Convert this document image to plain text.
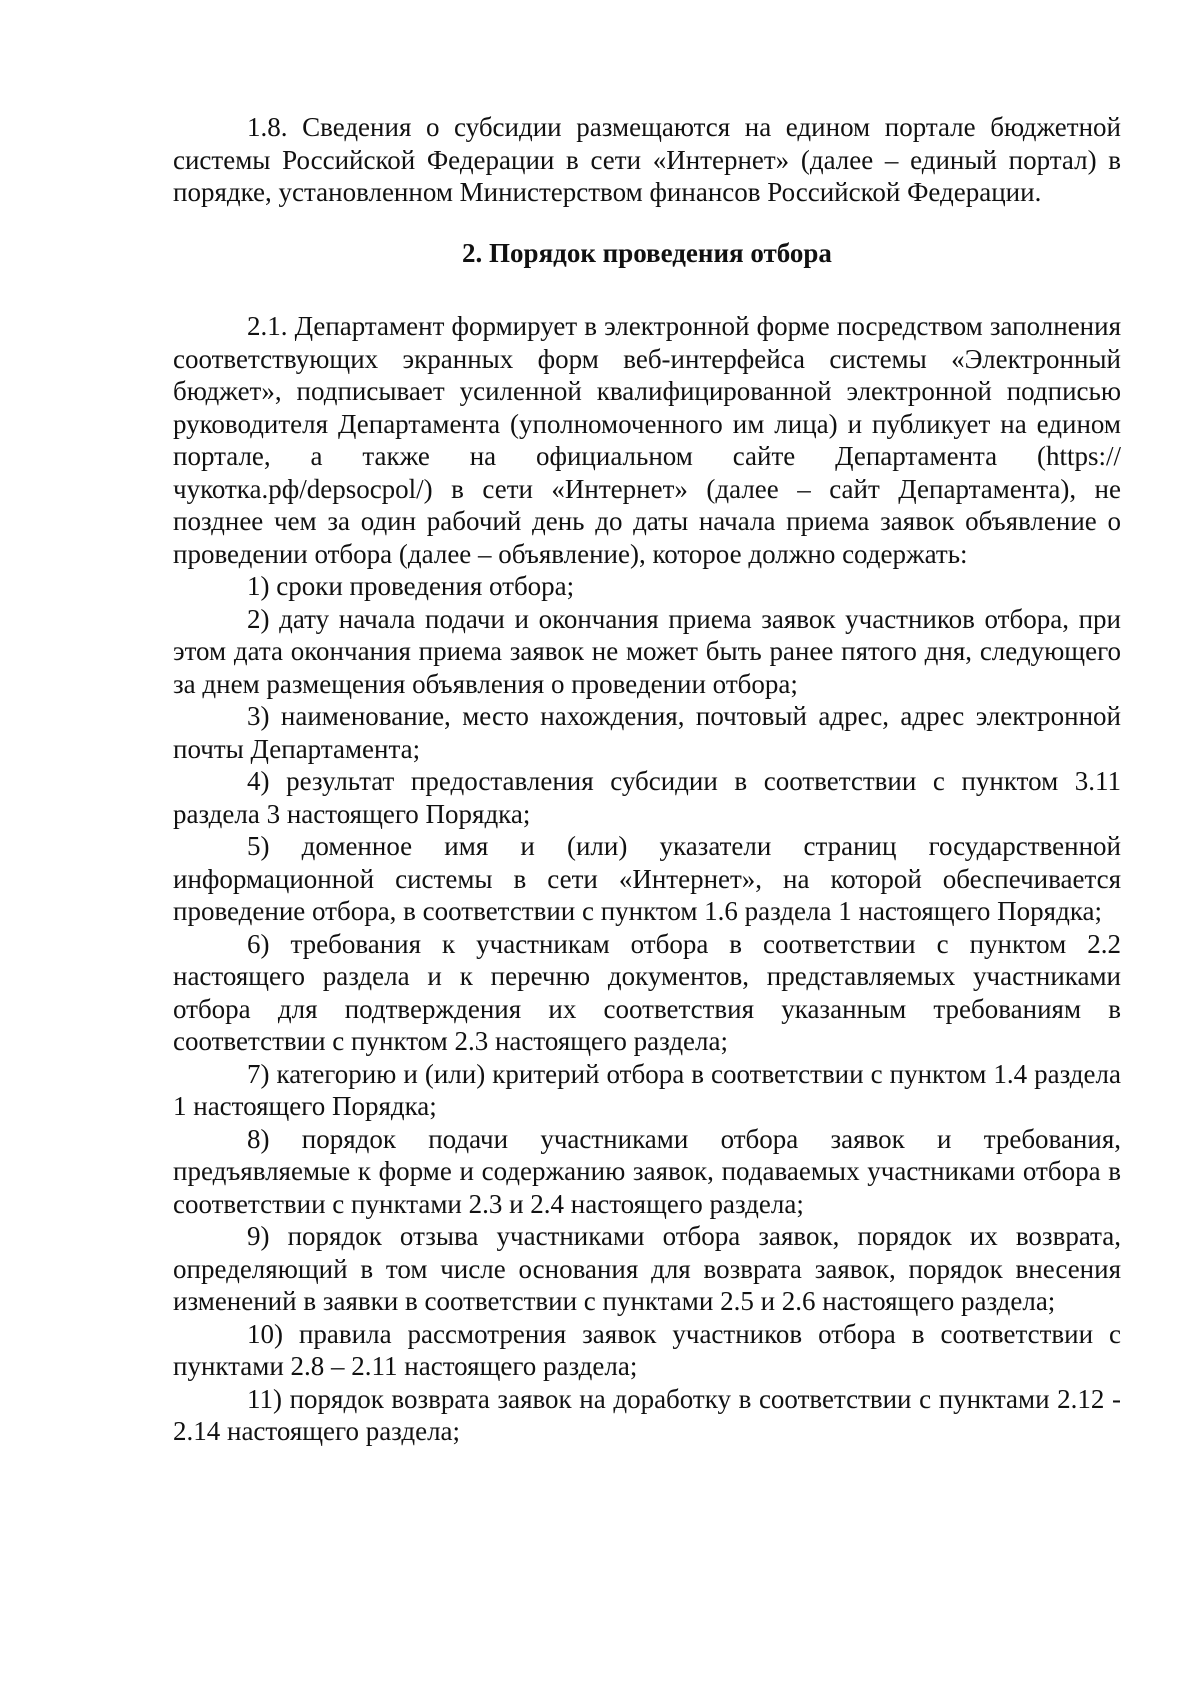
1.8. Сведения о субсидии размещаются на едином портале бюджетной системы Российской Федерации в сети «Интернет» (далее – единый портал) в порядке, установленном Министерством финансов Российской Федерации.

2. Порядок проведения отбора

2.1. Департамент формирует в электронной форме посредством заполнения соответствующих экранных форм веб-интерфейса системы «Электронный бюджет», подписывает усиленной квалифицированной электронной подписью руководителя Департамента (уполномоченного им лица) и публикует на едином портале, а также на официальном сайте Департамента (https://чукотка.рф/depsocpol/) в сети «Интернет» (далее – сайт Департамента), не позднее чем за один рабочий день до даты начала приема заявок объявление о проведении отбора (далее – объявление), которое должно содержать:

1) сроки проведения отбора;

2) дату начала подачи и окончания приема заявок участников отбора, при этом дата окончания приема заявок не может быть ранее пятого дня, следующего за днем размещения объявления о проведении отбора;

3) наименование, место нахождения, почтовый адрес, адрес электронной почты Департамента;

4) результат предоставления субсидии в соответствии с пунктом 3.11 раздела 3 настоящего Порядка;

5) доменное имя и (или) указатели страниц государственной информационной системы в сети «Интернет», на которой обеспечивается проведение отбора, в соответствии с пунктом 1.6 раздела 1 настоящего Порядка;

6) требования к участникам отбора в соответствии с пунктом 2.2 настоящего раздела и к перечню документов, представляемых участниками отбора для подтверждения их соответствия указанным требованиям в соответствии с пунктом 2.3 настоящего раздела;

7) категорию и (или) критерий отбора в соответствии с пунктом 1.4 раздела 1 настоящего Порядка;

8) порядок подачи участниками отбора заявок и требования, предъявляемые к форме и содержанию заявок, подаваемых участниками отбора в соответствии с пунктами 2.3 и 2.4 настоящего раздела;

9) порядок отзыва участниками отбора заявок, порядок их возврата, определяющий в том числе основания для возврата заявок, порядок внесения изменений в заявки в соответствии с пунктами 2.5 и 2.6 настоящего раздела;

10) правила рассмотрения заявок участников отбора в соответствии с пунктами 2.8 – 2.11 настоящего раздела;

11) порядок возврата заявок на доработку в соответствии с пунктами 2.12 - 2.14 настоящего раздела;
